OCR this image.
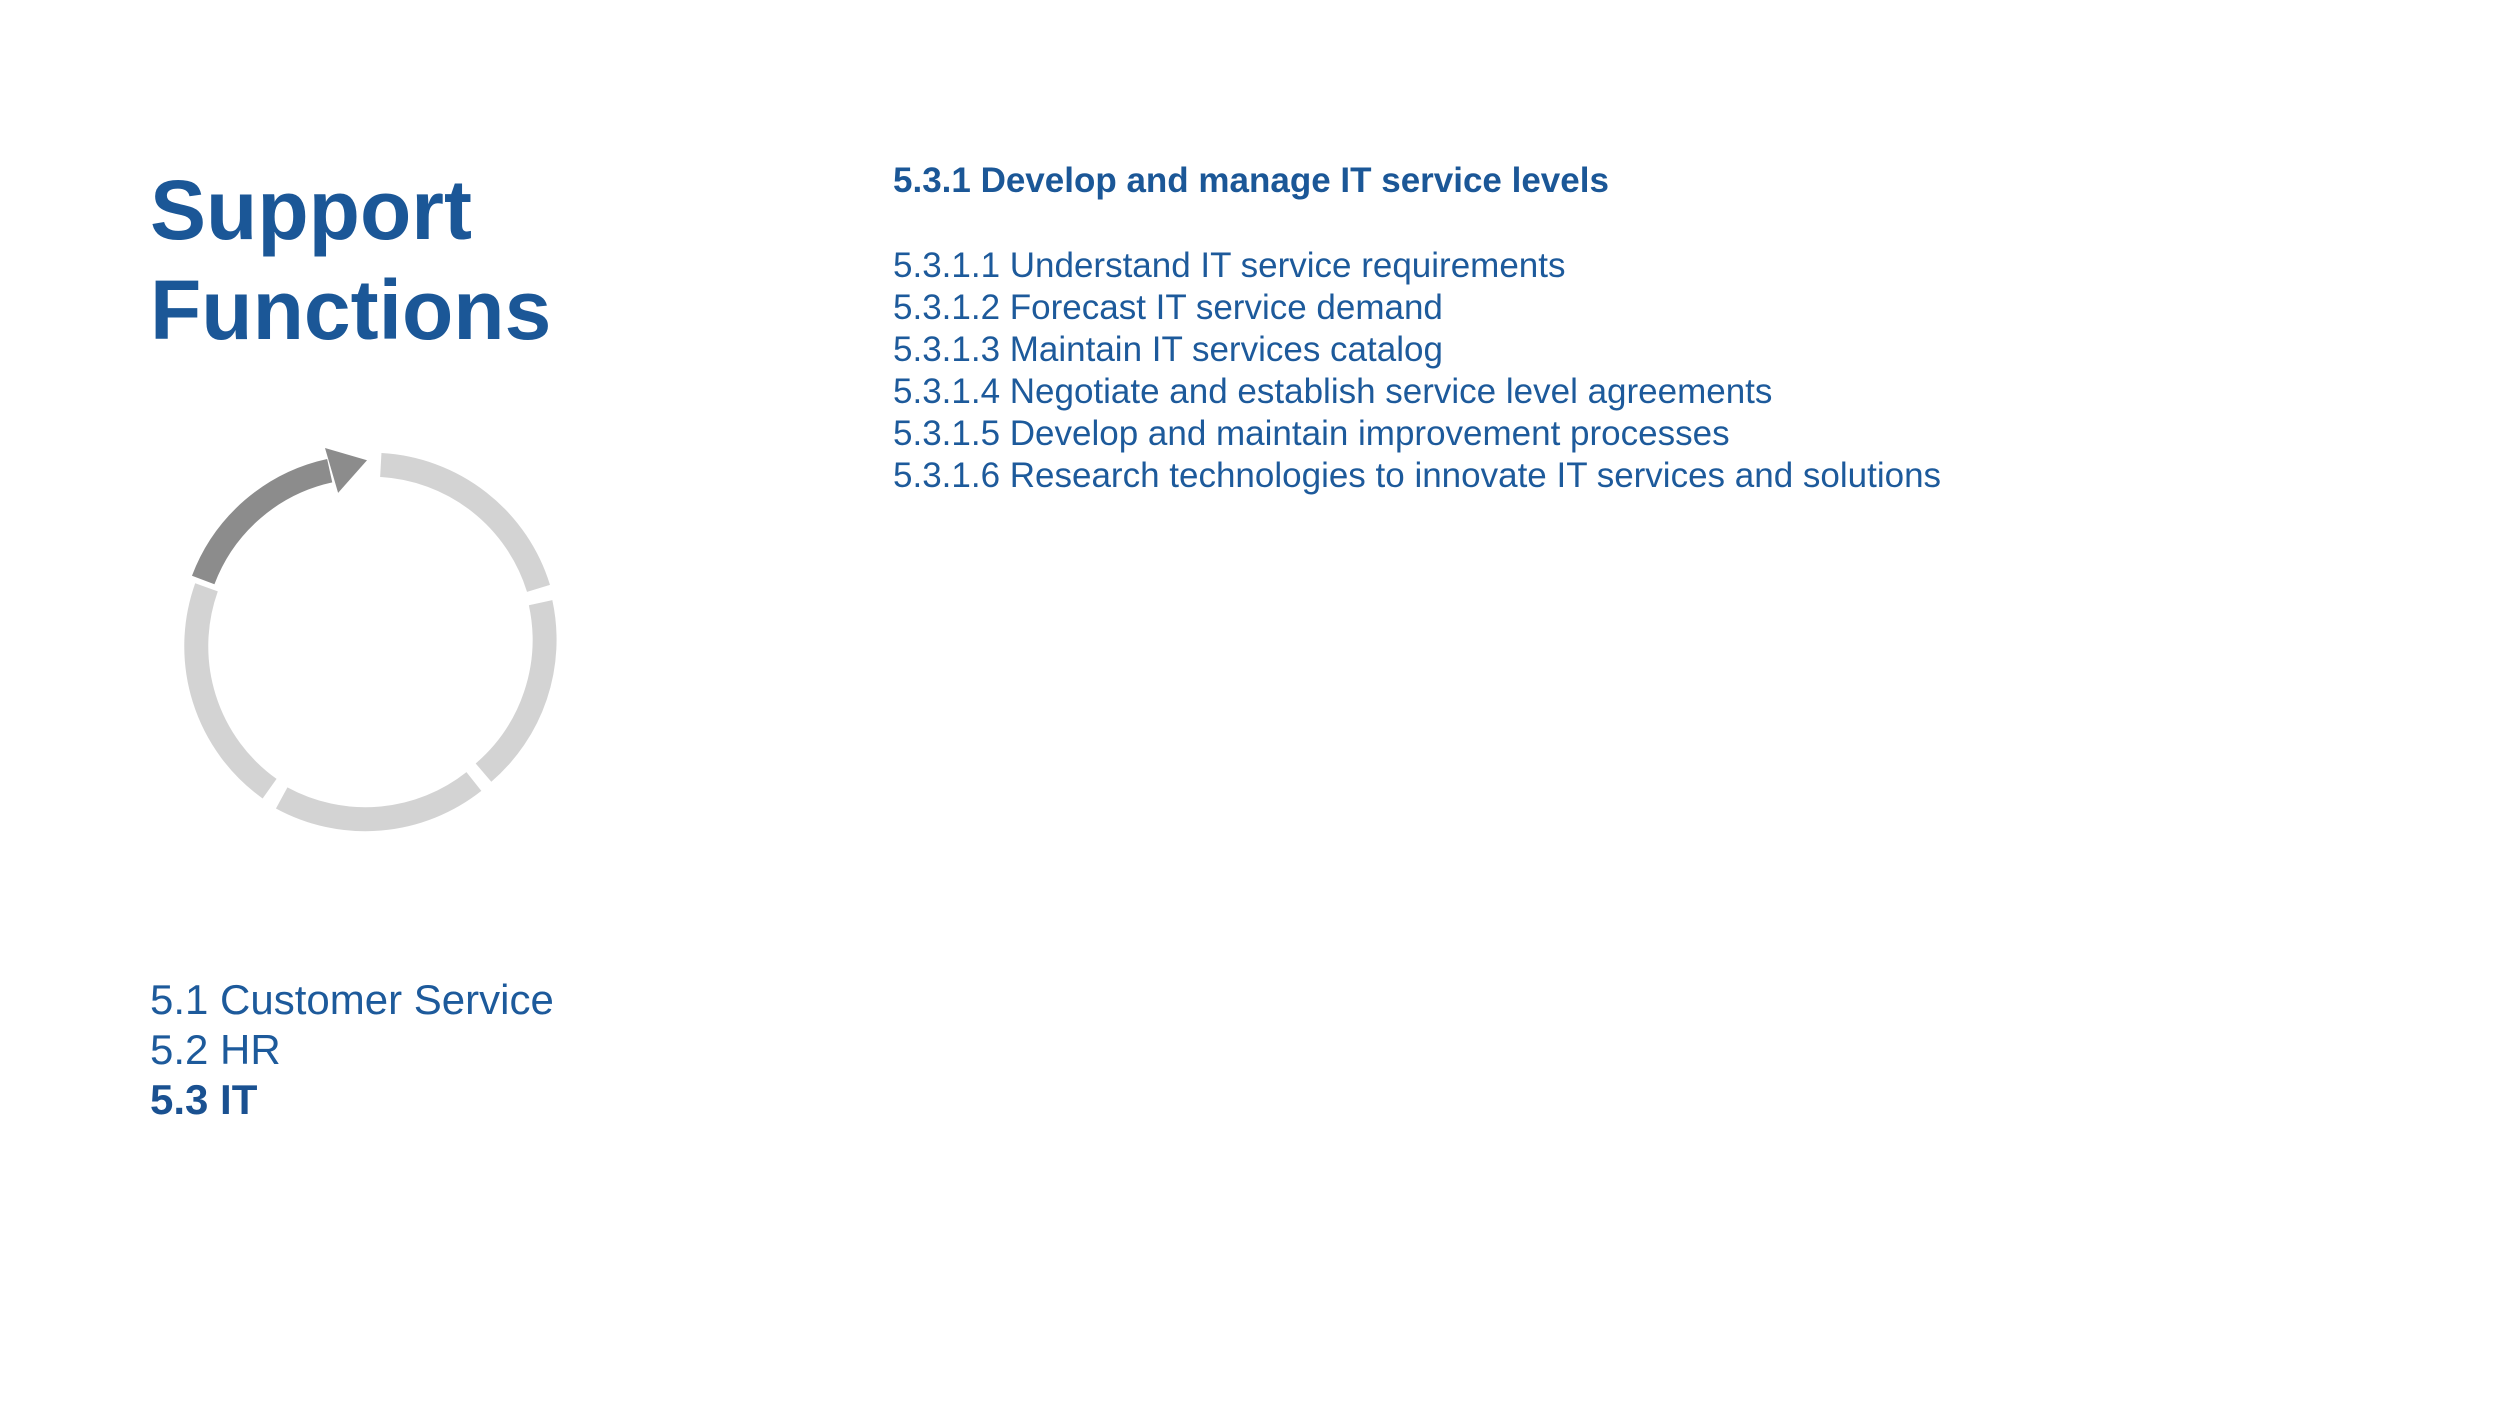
Support
Functions
5.1 Customer Service
5.2 HR
5.3 IT
5.3.1 Develop and manage IT service levels
5.3.1.1 Understand IT service requirements
5.3.1.2 Forecast IT service demand
5.3.1.3 Maintain IT services catalog
5.3.1.4 Negotiate and establish service level agreements
5.3.1.5 Develop and maintain improvement processes
5.3.1.6 Research technologies to innovate IT services and solutions
